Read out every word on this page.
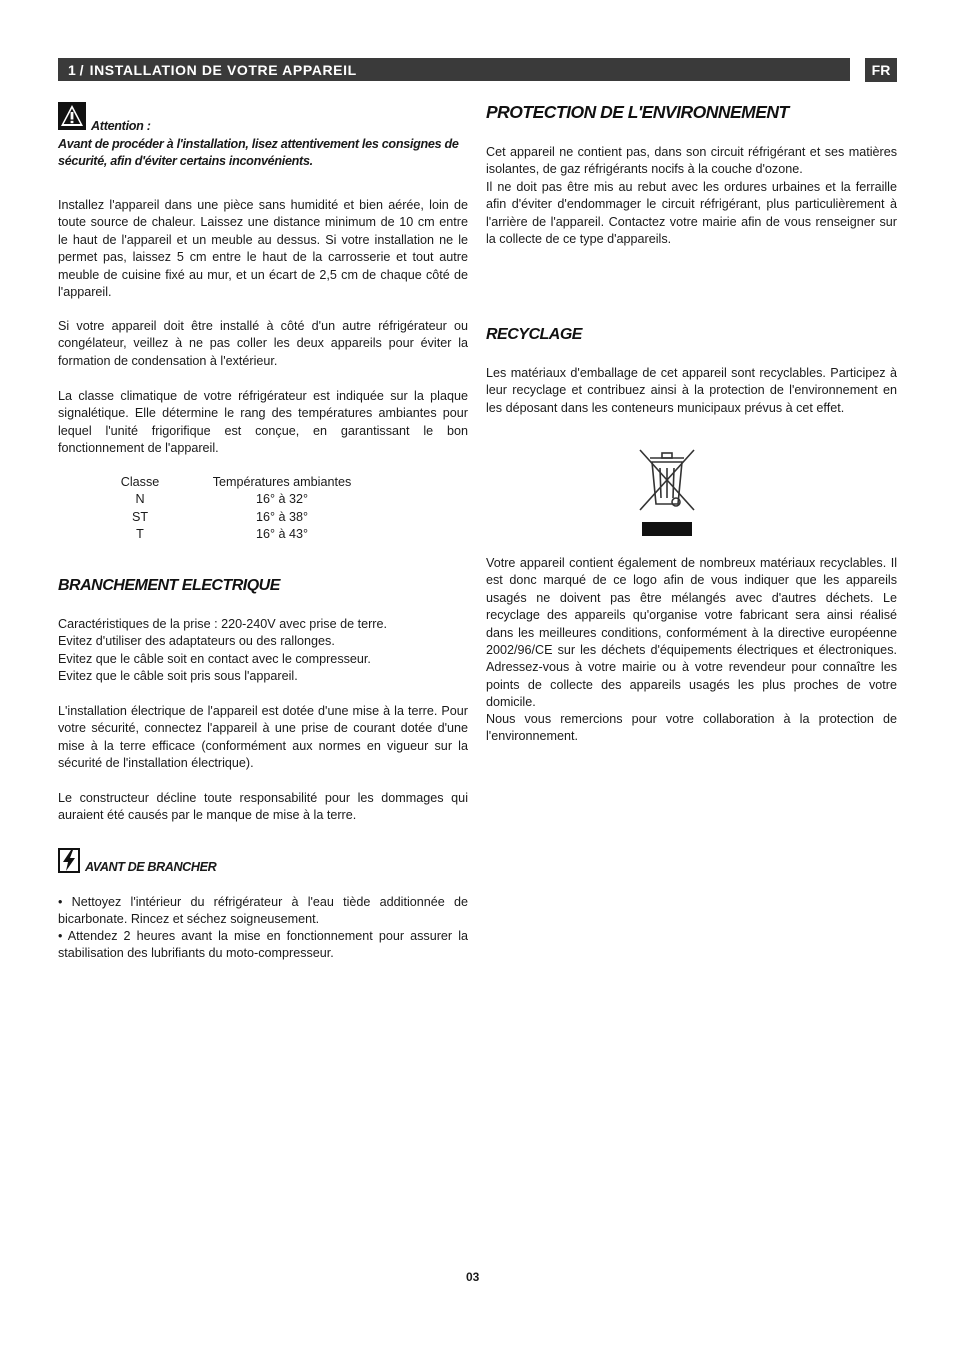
1 / INSTALLATION DE VOTRE APPAREIL	FR
Attention :
Avant de procéder à l'installation, lisez attentivement les consignes de sécurité, afin d'éviter certains inconvénients.

Installez l'appareil dans une pièce sans humidité et bien aérée, loin de toute source de chaleur. Laissez une distance minimum de 10 cm entre le haut de l'appareil et un meuble au dessus. Si votre installation ne le permet pas, laissez 5 cm entre le haut de la carrosserie et tout autre meuble de cuisine fixé au mur, et un écart de 2,5 cm de chaque côté de l'appareil.

Si votre appareil doit être installé à côté d'un autre réfrigérateur ou congélateur, veillez à ne pas coller les deux appareils pour éviter la formation de condensation à l'extérieur.

La classe climatique de votre réfrigérateur est indiquée sur la plaque signalétique. Elle détermine le rang des températures ambiantes pour lequel l'unité frigorifique est conçue, en garantissant le bon fonctionnement de l'appareil.

Classe	Températures ambiantes
N	16° à 32°
ST	16° à 38°
T	16° à 43°
BRANCHEMENT ELECTRIQUE
Caractéristiques de la prise : 220-240V avec prise de terre.
Evitez d'utiliser des adaptateurs ou des rallonges.
Evitez que le câble soit en contact avec le compresseur.
Evitez que le câble soit pris sous l'appareil.

L'installation électrique de l'appareil est dotée d'une mise à la terre. Pour votre sécurité, connectez l'appareil à une prise de courant dotée d'une mise à la terre efficace (conformément aux normes en vigueur sur la sécurité de l'installation électrique).

Le constructeur décline toute responsabilité pour les dommages qui auraient été causés par le manque de mise à la terre.

AVANT DE BRANCHER

• Nettoyez l'intérieur du réfrigérateur à l'eau tiède additionnée de bicarbonate. Rincez et séchez soigneusement.

• Attendez 2 heures avant la mise en fonctionnement pour assurer la stabilisation des lubrifiants du moto-compresseur.

PROTECTION DE L'ENVIRONNEMENT

Cet appareil ne contient pas, dans son circuit réfrigérant et ses matières isolantes, de gaz réfrigérants nocifs à la couche d'ozone.

Il ne doit pas être mis au rebut avec les ordures urbaines et la ferraille afin d'éviter d'endommager le circuit réfrigérant, plus particulièrement à l'arrière de l'appareil. Contactez votre mairie afin de vous renseigner sur la collecte de ce type d'appareils.

RECYCLAGE

Les matériaux d'emballage de cet appareil sont recyclables. Participez à leur recyclage et contribuez ainsi à la protection de l'environnement en les déposant dans les conteneurs municipaux prévus à cet effet.

Votre appareil contient également de nombreux matériaux recyclables. Il est donc marqué de ce logo afin de vous indiquer que les appareils usagés ne doivent pas être mélangés avec d'autres déchets. Le recyclage des appareils qu'organise votre fabricant sera ainsi réalisé dans les meilleures conditions, conformément à la directive européenne 2002/96/CE sur les déchets d'équipements électriques et électroniques. Adressez-vous à votre mairie ou à votre revendeur pour connaître les points de collecte des appareils usagés les plus proches de votre domicile.

Nous vous remercions pour votre collaboration à la protection de l'environnement.

03
